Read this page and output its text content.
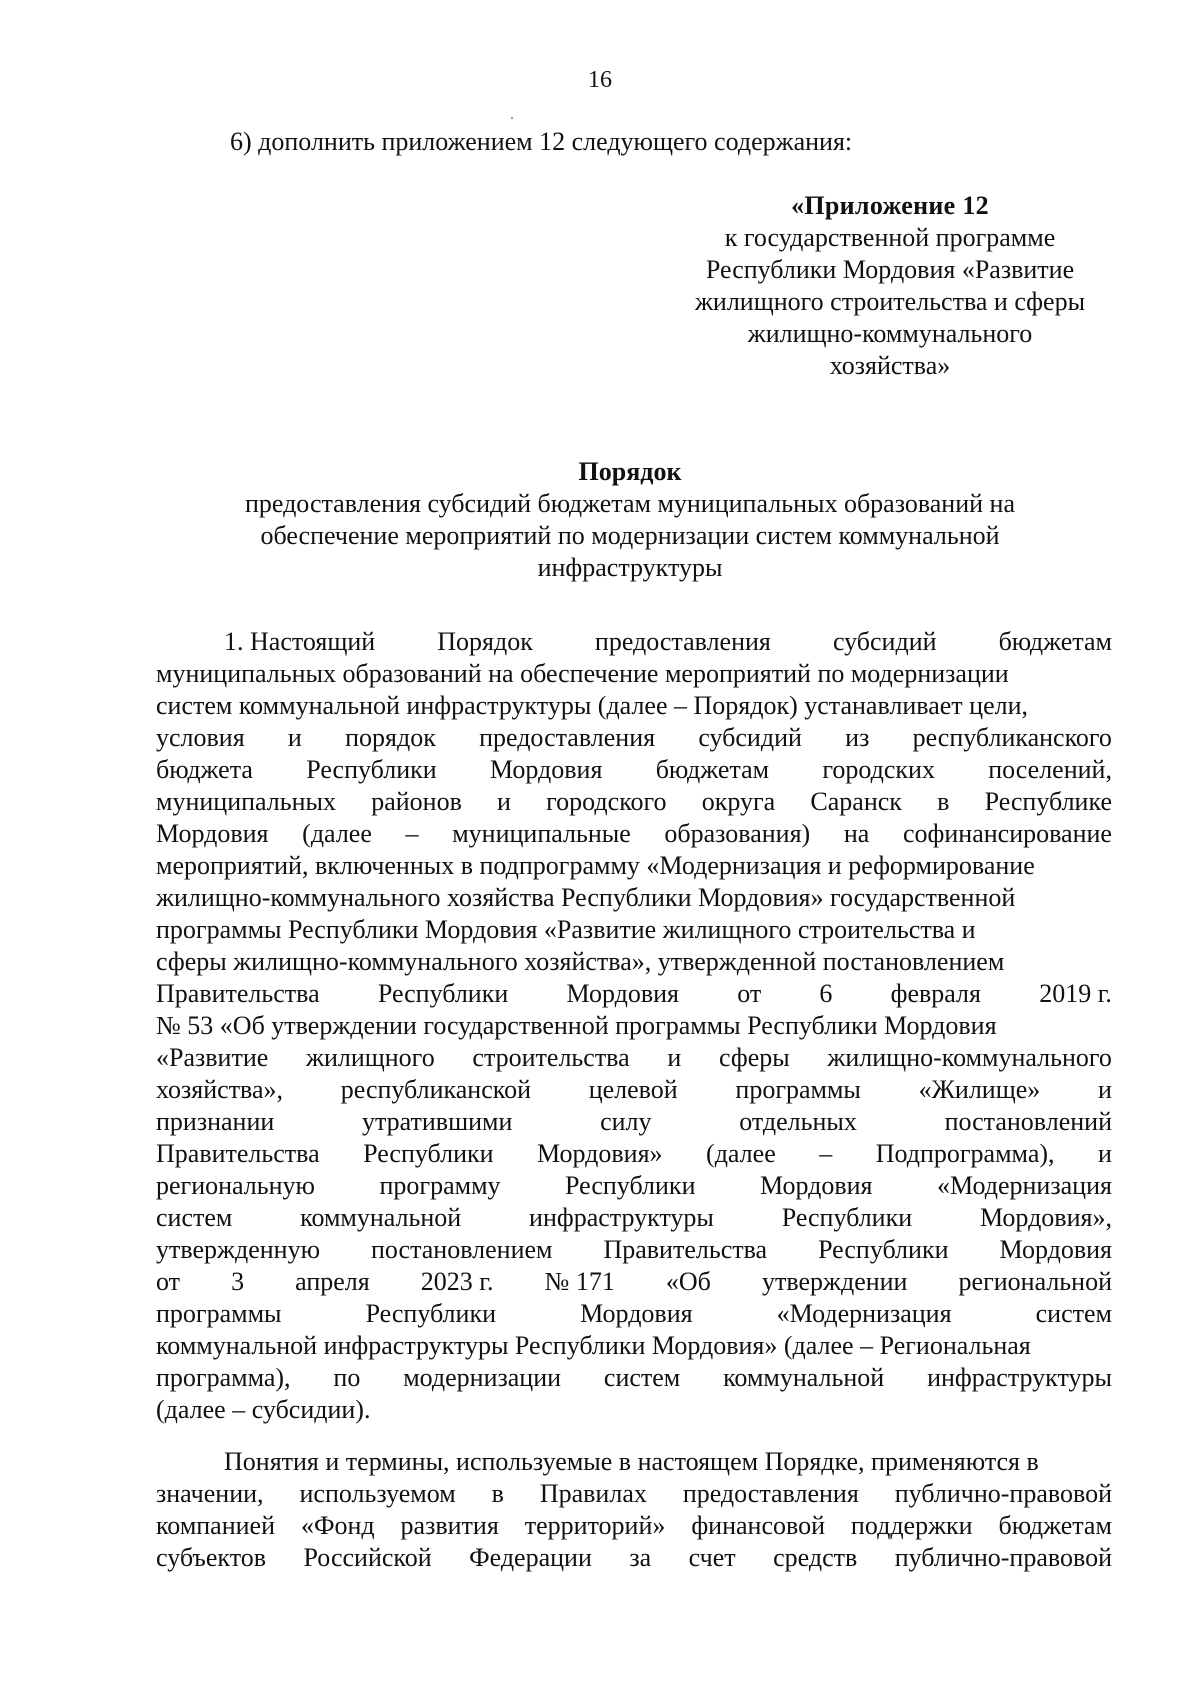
16
6) дополнить приложением 12 следующего содержания:
«Приложение 12
к государственной программе
Республики Мордовия «Развитие
жилищного строительства и сферы
жилищно-коммунального
хозяйства»
Порядок
предоставления субсидий бюджетам муниципальных образований на
обеспечение мероприятий по модернизации систем коммунальной
инфраструктуры
1. Настоящий Порядок предоставления субсидий бюджетам
муниципальных образований на обеспечение мероприятий по модернизации
систем коммунальной инфраструктуры (далее – Порядок) устанавливает цели,
условия и порядок предоставления субсидий из республиканского
бюджета Республики Мордовия бюджетам городских поселений,
муниципальных районов и городского округа Саранск в Республике
Мордовия (далее – муниципальные образования) на софинансирование
мероприятий, включенных в подпрограмму «Модернизация и реформирование
жилищно-коммунального хозяйства Республики Мордовия» государственной
программы Республики Мордовия «Развитие жилищного строительства и
сферы жилищно-коммунального хозяйства», утвержденной постановлением
Правительства Республики Мордовия от 6 февраля 2019 г.
№ 53 «Об утверждении государственной программы Республики Мордовия
«Развитие жилищного строительства и сферы жилищно-коммунального
хозяйства», республиканской целевой программы «Жилище» и
признании	утратившими	силу	отдельных	постановлений
Правительства Республики Мордовия» (далее – Подпрограмма), и
региональную программу Республики Мордовия «Модернизация
систем	коммунальной	инфраструктуры	Республики	Мордовия»,
утвержденную постановлением Правительства Республики Мордовия
от 3 апреля 2023 г. № 171 «Об утверждении региональной
программы	Республики	Мордовия	«Модернизация	систем
коммунальной инфраструктуры Республики Мордовия» (далее – Региональная
программа), по модернизации систем коммунальной инфраструктуры
(далее – субсидии).
Понятия и термины, используемые в настоящем Порядке, применяются в
значении, используемом в Правилах предоставления публично-правовой
компанией «Фонд развития территорий» финансовой поддержки бюджетам
субъектов Российской Федерации за счет средств публично-правовой
